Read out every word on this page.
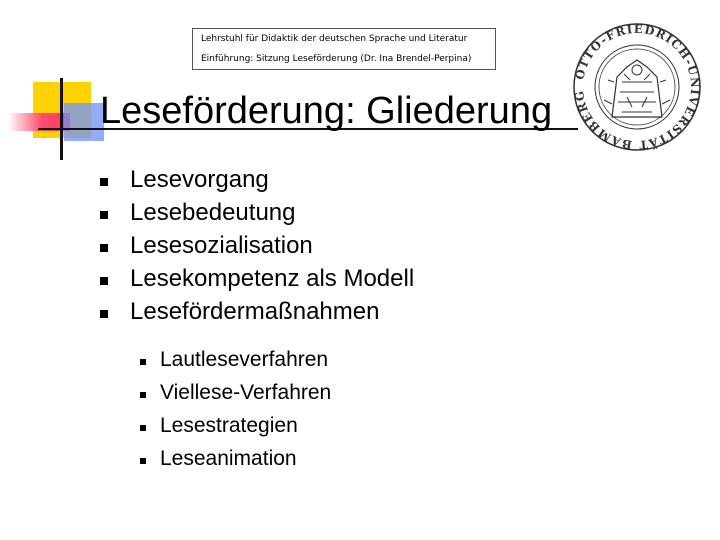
Lehrstuhl für Didaktik der deutschen Sprache und Literatur
Einführung: Sitzung Leseförderung (Dr. Ina Brendel-Perpina)
Leseförderung: Gliederung
OTTO-FRIEDRICH-UNIVERSITÄT BAMBERG
Lesevorgang
Lesebedeutung
Lesesozialisation
Lesekompetenz als Modell
Lesefördermaßnahmen
Lautleseverfahren
Viellese-Verfahren
Lesestrategien
Leseanimation
